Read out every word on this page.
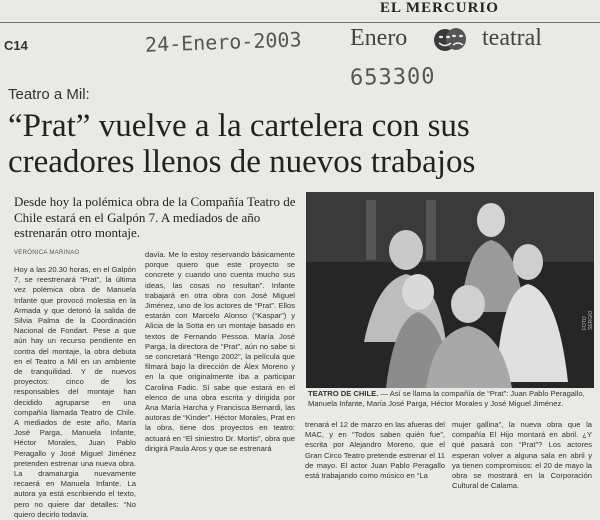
EL MERCURIO
C14	24-Enero-2003 Enero	teatral
653300
Teatro a Mil:
“Prat” vuelve a la cartelera con sus creadores llenos de nuevos trabajos
Desde hoy la polémica obra de la Compañía Teatro de Chile estará en el Galpón 7. A mediados de año estrenarán otro montaje.
VERÓNICA MARINAO
Hoy a las 20.30 horas, en el Galpón 7, se reestrenará “Prat”, la última vez polémica obra de Manuela Infante que provocó molestia en la Armada y que detonó la salida de Silvia Palma de la Coordinación Nacional de Fondart. Pese a que aún hay un recurso pendiente en contra del montaje, la obra debuta en el Teatro a Mil en un ambiente de tranquilidad. Y de nuevos proyectos: cinco de los responsables del montaje han decidido agruparse en una compañía llamada Teatro de Chile. A mediados de este año, María José Parga, Manuela Infante, Héctor Morales, Juan Pablo Peragallo y José Miguel Jiménez pretenden estrenar una nueva obra. La dramaturgia nuevamente recaerá en Manuela Infante. La autora ya está escribiendo el texto, pero no quiere dar detalles: “No quiero decirlo todavía.
davía. Me lo estoy reservando básicamente porque quiero que este proyecto se concrete y cuando uno cuenta mucho sus ideas, las cosas no resultan”. Infante trabajará en otra obra con José Miguel Jiménez, uno de los actores de “Prat”. Ellos estarán con Marcelo Alonso (“Kaspar”) y Alicia de la Sotta en un montaje basado en textos de Fernando Pessoa. María José Parga, la directora de “Prat”, aún no sabe si se concretará “Rengo 2002”, la película que filmará bajo la dirección de Álex Moreno y en la que originalmente iba a participar Carolina Fadic. Sí sabe que estará en el elenco de una obra escrita y dirigida por Ana María Harcha y Francisca Bernardi, las autoras de “Kinder”. Héctor Morales, Prat en la obra, tiene dos proyectos en teatro: actuará en “El siniestro Dr. Mortis”, obra que dirigirá Paula Aros y que se estrenará
FOTO SERGIO
TEATRO DE CHILE. — Así se llama la compañía de “Prat”: Juan Pablo Peragallo, Manuela Infante, María José Parga, Héctor Morales y José Miguel Jiménez.
trenará el 12 de marzo en las afueras del MAC, y en “Todos saben quién fue”, escrita por Alejandro Moreno, que el Gran Circo Teatro pretende estrenar el 11 de mayo. El actor Juan Pablo Peragallo está trabajando como músico en “La
mujer gallina”, la nueva obra que la compañía El Hijo montará en abril. ¿Y qué pasará con “Prat”? Los actores esperan volver a alguna sala en abril y ya tienen compromisos: el 20 de mayo la obra se mostrará en la Corporación Cultural de Calama.
